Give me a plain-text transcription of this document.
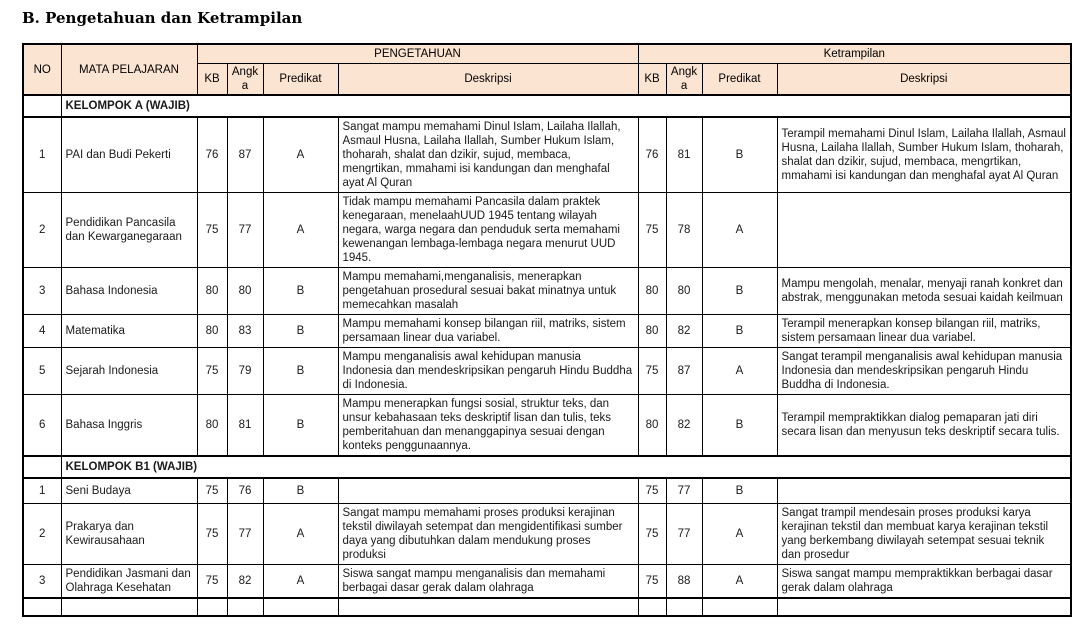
B. Pengetahuan dan Ketrampilan
NO	MATA PELAJARAN	PENGETAHUAN				Ketrampilan			
		KB	Angka	Predikat	Deskripsi	KB	Angka	Predikat	Deskripsi
	KELOMPOK A (WAJIB)								
1	PAI dan Budi Pekerti	76	87	A	Sangat mampu memahami Dinul Islam, Lailaha Ilallah, Asmaul Husna, Lailaha Ilallah, Sumber Hukum Islam, thoharah, shalat dan dzikir, sujud, membaca, mengrtikan, mmahami isi kandungan dan menghafal ayat Al Quran	76	81	B	Terampil memahami Dinul Islam, Lailaha Ilallah, Asmaul Husna, Lailaha Ilallah, Sumber Hukum Islam, thoharah, shalat dan dzikir, sujud, membaca, mengrtikan, mmahami isi kandungan dan menghafal ayat Al Quran
2	Pendidikan Pancasila dan Kewarganegaraan	75	77	A	Tidak mampu memahami Pancasila dalam praktek kenegaraan, menelaahUUD 1945 tentang wilayah negara, warga negara dan penduduk serta memahami kewenangan lembaga-lembaga negara menurut UUD 1945.	75	78	A	
3	Bahasa Indonesia	80	80	B	Mampu memahami,menganalisis, menerapkan pengetahuan prosedural sesuai bakat minatnya untuk memecahkan masalah	80	80	B	Mampu mengolah, menalar, menyaji ranah konkret dan abstrak, menggunakan metoda sesuai kaidah keilmuan
4	Matematika	80	83	B	Mampu memahami konsep bilangan riil, matriks, sistem persamaan linear dua variabel.	80	82	B	Terampil menerapkan konsep bilangan riil, matriks, sistem persamaan linear dua variabel.
5	Sejarah Indonesia	75	79	B	Mampu menganalisis awal kehidupan manusia Indonesia dan mendeskripsikan pengaruh Hindu Buddha di Indonesia.	75	87	A	Sangat terampil menganalisis awal kehidupan manusia Indonesia dan mendeskripsikan pengaruh Hindu Buddha di Indonesia.
6	Bahasa Inggris	80	81	B	Mampu menerapkan fungsi sosial, struktur teks, dan unsur kebahasaan teks deskriptif lisan dan tulis, teks pemberitahuan dan menanggapinya sesuai dengan konteks penggunaannya.	80	82	B	Terampil mempraktikkan dialog pemaparan jati diri secara lisan dan menyusun teks deskriptif secara tulis.
	KELOMPOK B1 (WAJIB)								
1	Seni Budaya	75	76	B		75	77	B	
2	Prakarya dan Kewirausahaan	75	77	A	Sangat mampu memahami proses produksi kerajinan tekstil diwilayah setempat dan mengidentifikasi sumber daya yang dibutuhkan dalam mendukung proses produksi	75	77	A	Sangat trampil mendesain proses produksi karya kerajinan tekstil dan membuat karya kerajinan tekstil yang berkembang diwilayah setempat sesuai teknik dan prosedur
3	Pendidikan Jasmani dan Olahraga Kesehatan	75	82	A	Siswa sangat mampu menganalisis dan memahami berbagai dasar gerak dalam olahraga	75	88	A	Siswa sangat mampu mempraktikkan berbagai dasar gerak dalam olahraga
